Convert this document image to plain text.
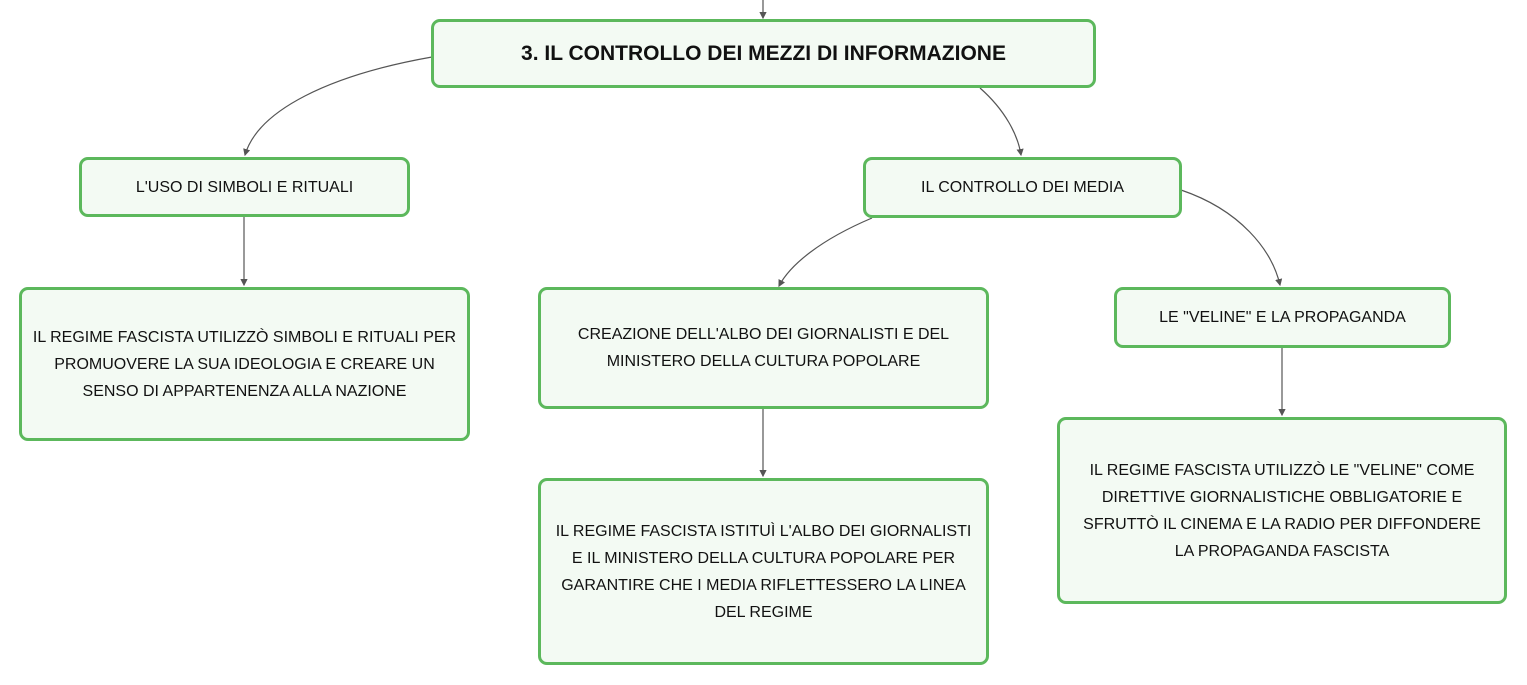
3. IL CONTROLLO DEI MEZZI DI INFORMAZIONE
L'USO DI SIMBOLI E RITUALI
IL REGIME FASCISTA UTILIZZÒ SIMBOLI E RITUALI PER PROMUOVERE LA SUA IDEOLOGIA E CREARE UN SENSO DI APPARTENENZA ALLA NAZIONE
IL CONTROLLO DEI MEDIA
CREAZIONE DELL'ALBO DEI GIORNALISTI E DEL MINISTERO DELLA CULTURA POPOLARE
IL REGIME FASCISTA ISTITUÌ L'ALBO DEI GIORNALISTI E IL MINISTERO DELLA CULTURA POPOLARE PER GARANTIRE CHE I MEDIA RIFLETTESSERO LA LINEA DEL REGIME
LE "VELINE" E LA PROPAGANDA
IL REGIME FASCISTA UTILIZZÒ LE "VELINE" COME DIRETTIVE GIORNALISTICHE OBBLIGATORIE E SFRUTTÒ IL CINEMA E LA RADIO PER DIFFONDERE LA PROPAGANDA FASCISTA
